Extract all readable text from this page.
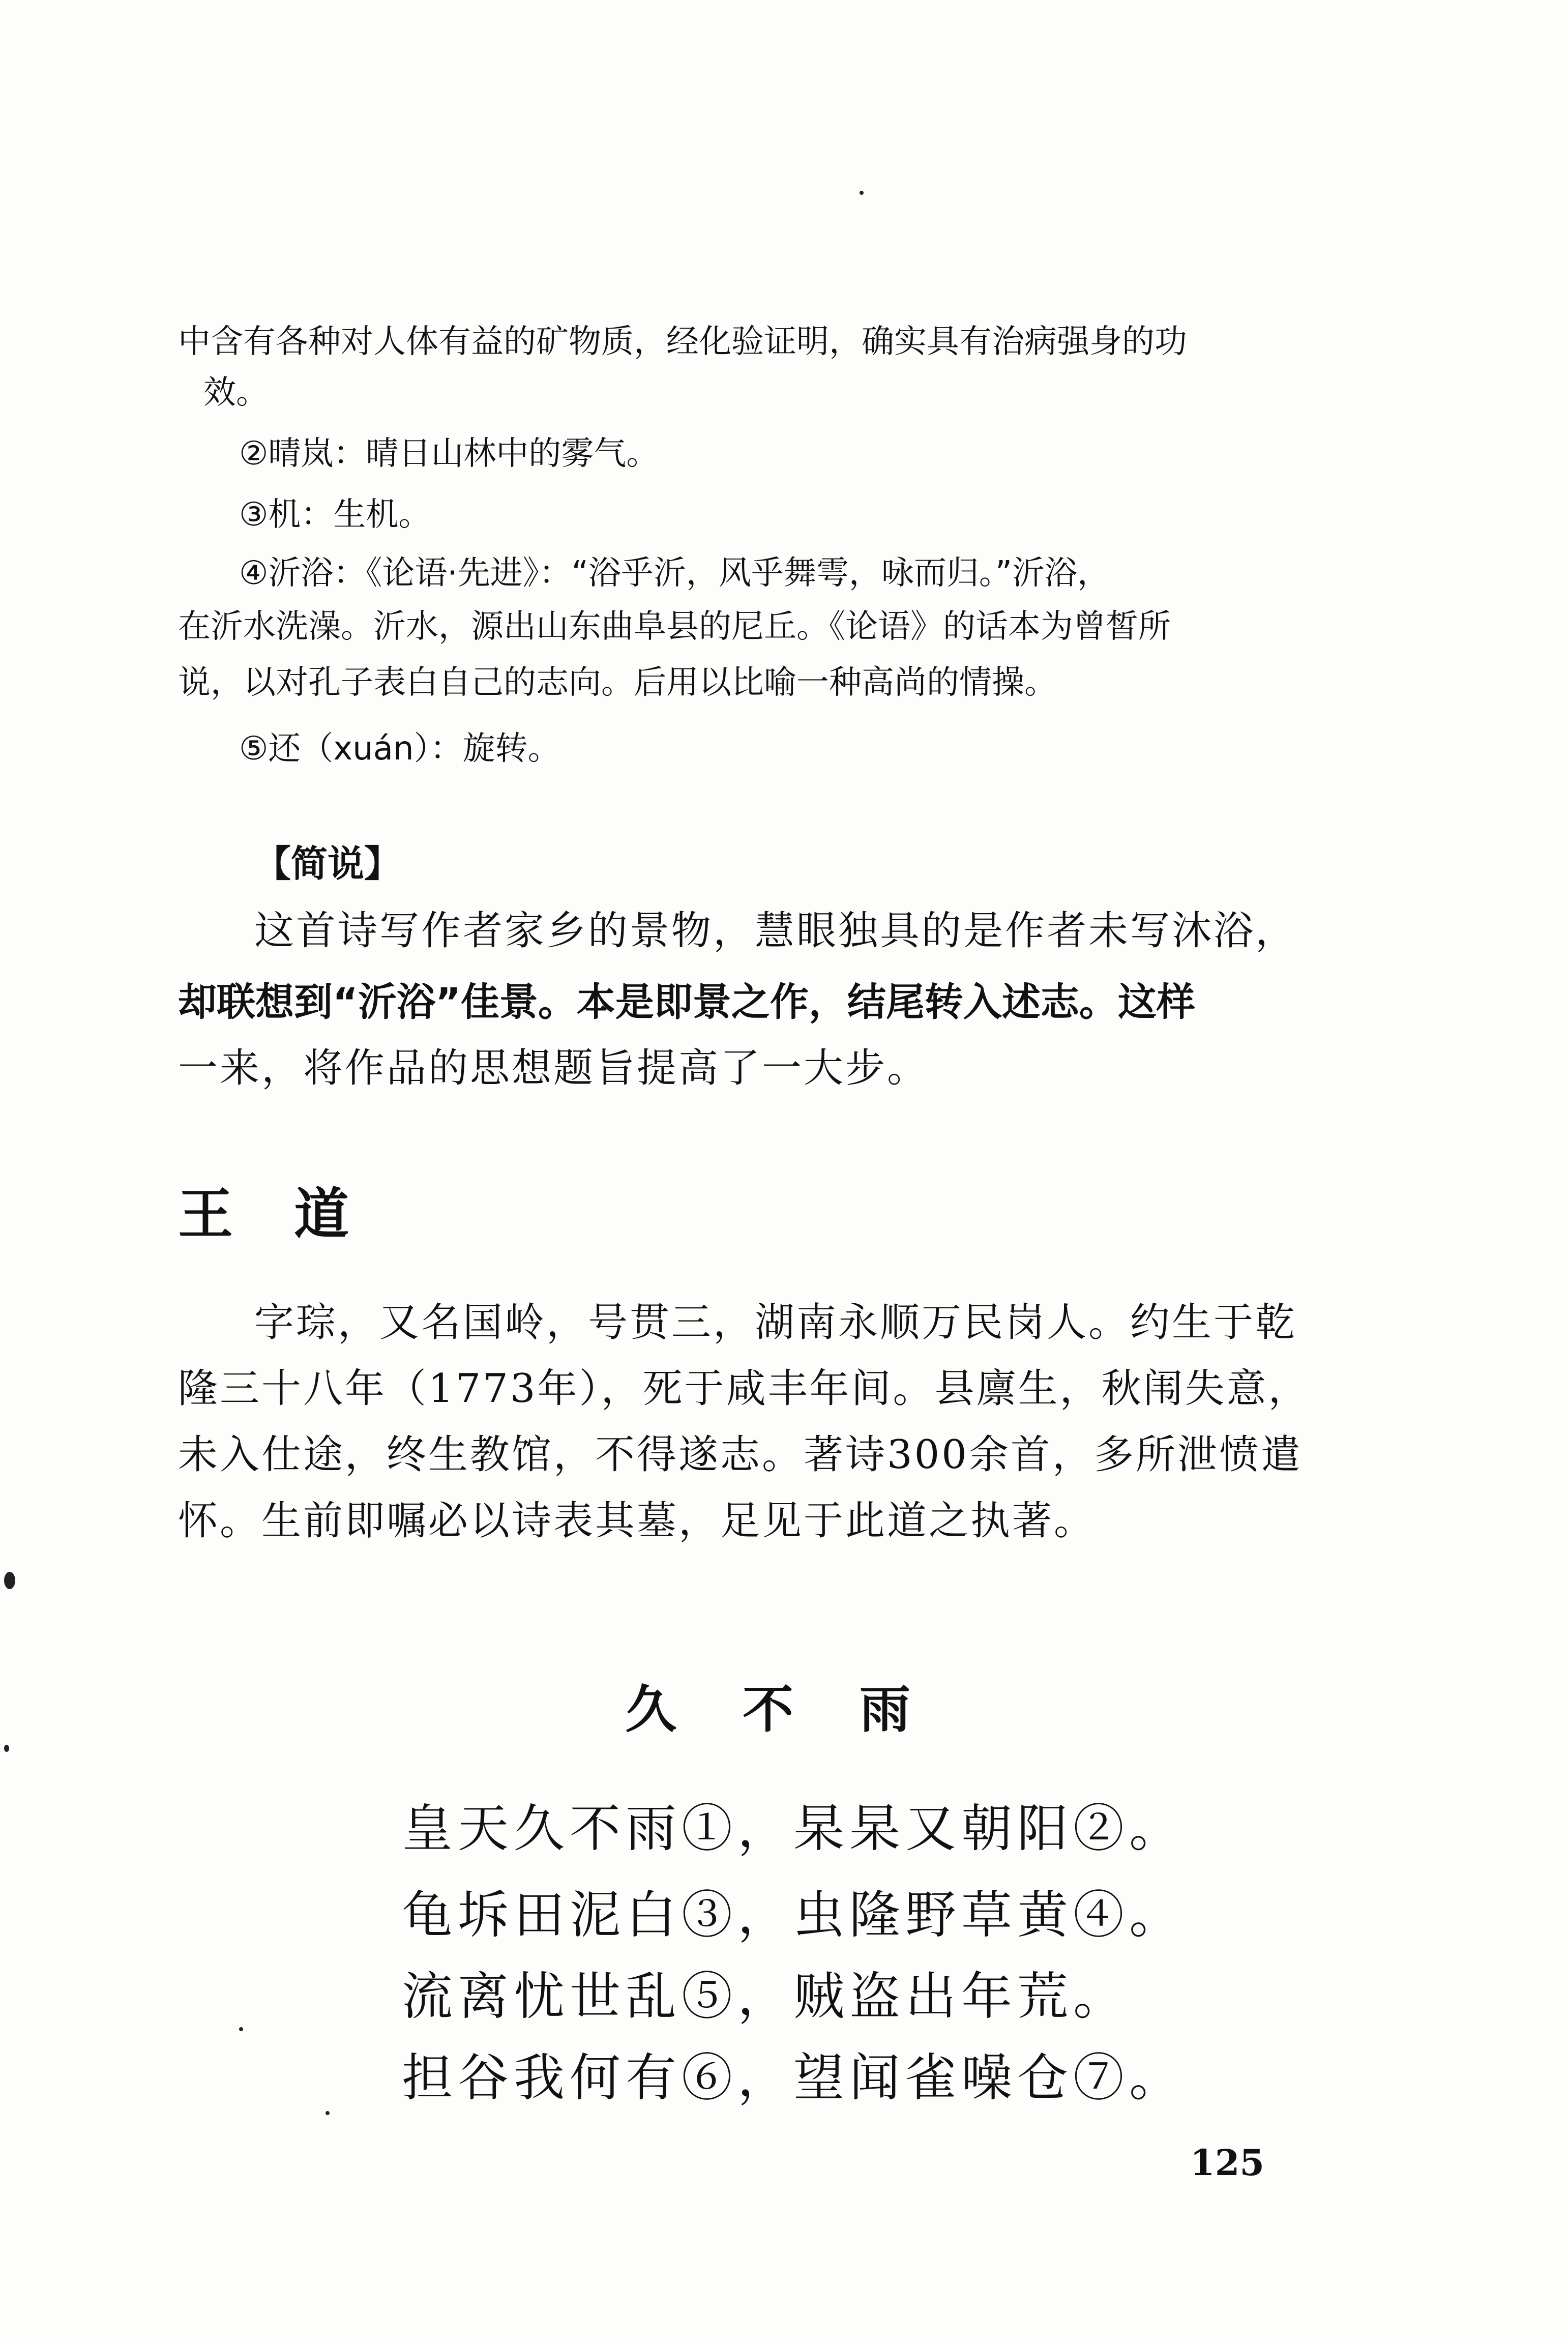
中含有各种对人体有益的矿物质，经化验证明，确实具有治病强身的功
效。
②晴岚：晴日山林中的雾气。
③机：生机。
④沂浴：《论语·先进》：“浴乎沂，风乎舞雩，咏而归。”沂浴，
在沂水洗澡。沂水，源出山东曲阜县的尼丘。《论语》的话本为曾皙所
说，以对孔子表白自己的志向。后用以比喻一种高尚的情操。
⑤还（xuán）：旋转。
【简说】
这首诗写作者家乡的景物，慧眼独具的是作者未写沐浴，
却联想到“沂浴”佳景。本是即景之作，结尾转入述志。这样
一来，将作品的思想题旨提高了一大步。
王道
字琮，又名国岭，号贯三，湖南永顺万民岗人。约生于乾
隆三十八年（1773年），死于咸丰年间。县廪生，秋闱失意，
未入仕途，终生教馆，不得遂志。著诗300余首，多所泄愤遣
怀。生前即嘱必以诗表其墓，足见于此道之执著。
久不雨
皇天久不雨①，杲杲又朝阳②。
龟坼田泥白③，虫隆野草黄④。
流离忧世乱⑤，贼盗出年荒。
担谷我何有⑥，望闻雀噪仓⑦。
125
